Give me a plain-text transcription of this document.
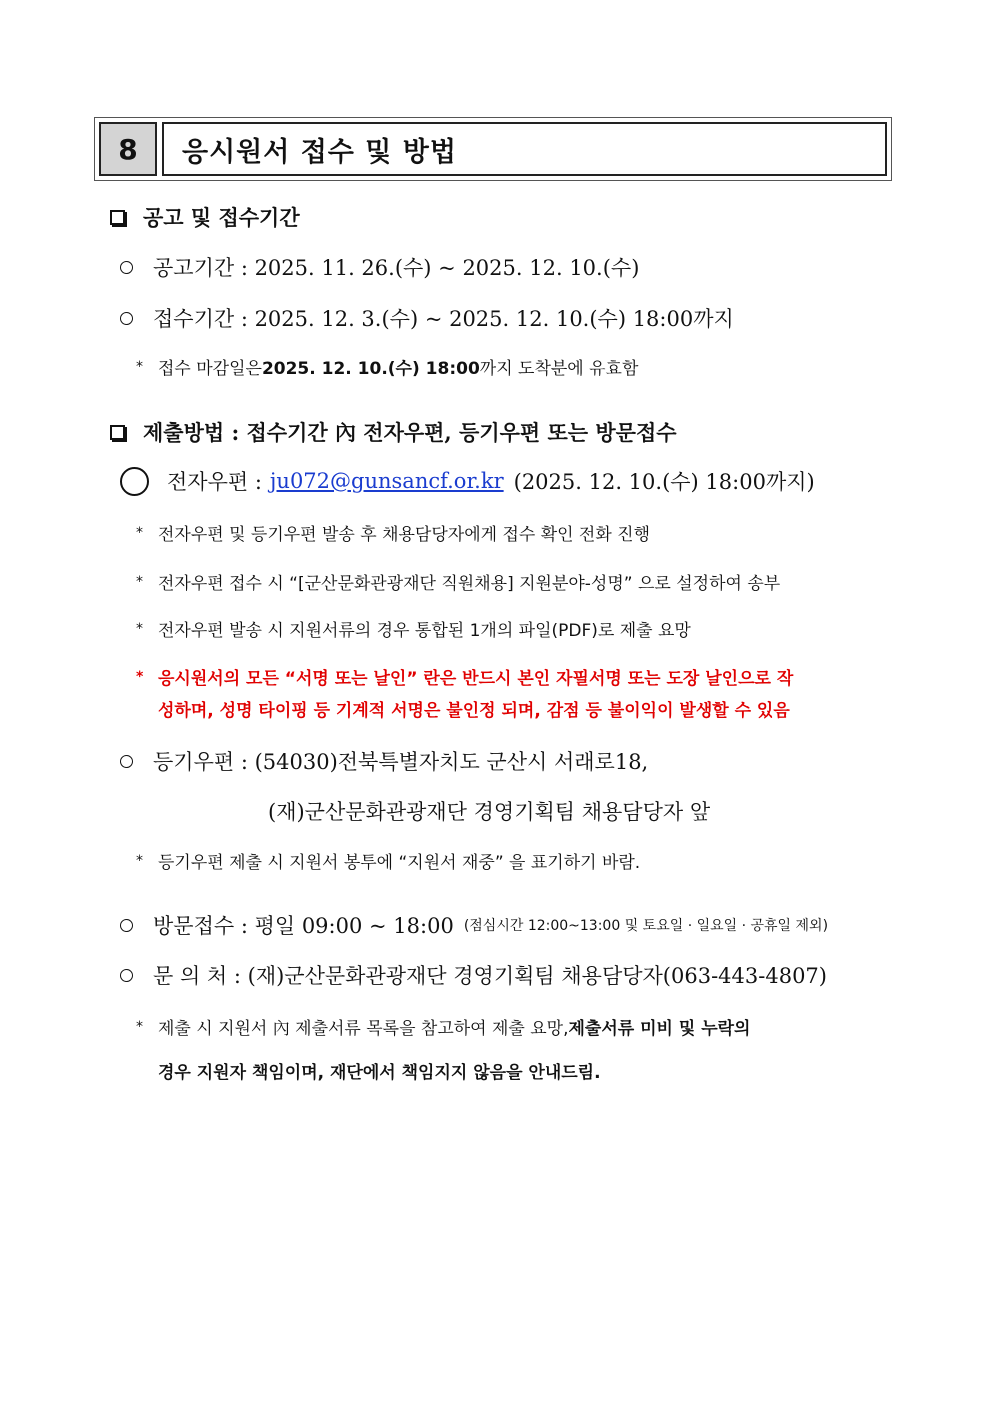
8	응시원서 접수 및 방법
공고 및 접수기간
공고기간 : 2025. 11. 26.(수) ~ 2025. 12. 10.(수)
접수기간 : 2025. 12. 3.(수) ~ 2025. 12. 10.(수) 18:00까지
* 접수 마감일은 2025. 12. 10.(수) 18:00 까지 도착분에 유효함
제출방법 : 접수기간 內 전자우편, 등기우편 또는 방문접수
전자우편 : ju072@gunsancf.or.kr (2025. 12. 10.(수) 18:00까지)
* 전자우편 및 등기우편 발송 후 채용담당자에게 접수 확인 전화 진행
* 전자우편 접수 시 “[군산문화관광재단 직원채용] 지원분야-성명” 으로 설정하여 송부
* 전자우편 발송 시 지원서류의 경우 통합된 1개의 파일(PDF)로 제출 요망
* 응시원서의 모든 “서명 또는 날인” 란은 반드시 본인 자필서명 또는 도장 날인으로 작
성하며, 성명 타이핑 등 기계적 서명은 불인정 되며, 감점 등 불이익이 발생할 수 있음
등기우편 : (54030)전북특별자치도 군산시 서래로18,
(재)군산문화관광재단 경영기획팀 채용담당자 앞
* 등기우편 제출 시 지원서 봉투에 “지원서 재중” 을 표기하기 바람.
방문접수 : 평일 09:00 ~ 18:00 (점심시간 12:00~13:00 및 토요일 · 일요일 · 공휴일 제외)
문 의 처 : (재)군산문화관광재단 경영기획팀 채용담당자(063-443-4807)
* 제출 시 지원서 內 제출서류 목록을 참고하여 제출 요망, 제출서류 미비 및 누락의
경우 지원자 책임이며, 재단에서 책임지지 않음을 안내드림.
